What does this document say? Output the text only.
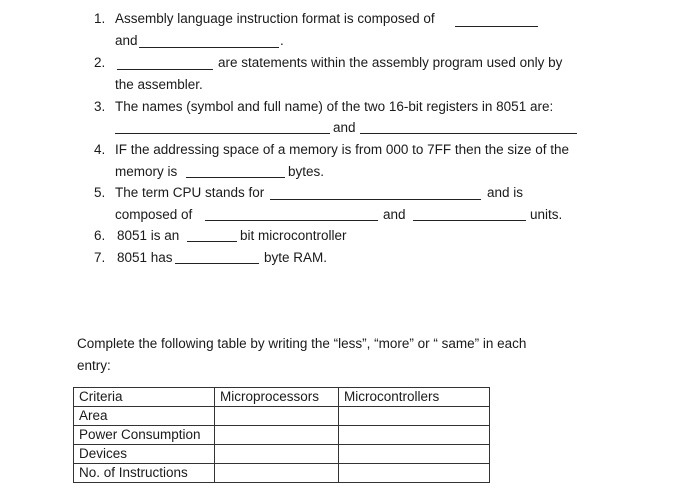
1. Assembly language instruction format is composed of
and	.
2.	are statements within the assembly program used only by
the assembler.
3. The names (symbol and full name) of the two 16-bit registers in 8051 are:
and
4. IF the addressing space of a memory is from 000 to 7FF then the size of the
memory is	bytes.
5. The term CPU stands for	and is
composed of	and	units.
6. 8051 is an	bit microcontroller
7. 8051 has	byte RAM.
Complete the following table by writing the “less”, “more” or “ same” in each
entry:
Criteria	Microprocessors	Microcontrollers
Area		
Power Consumption		
Devices		
No. of Instructions		
